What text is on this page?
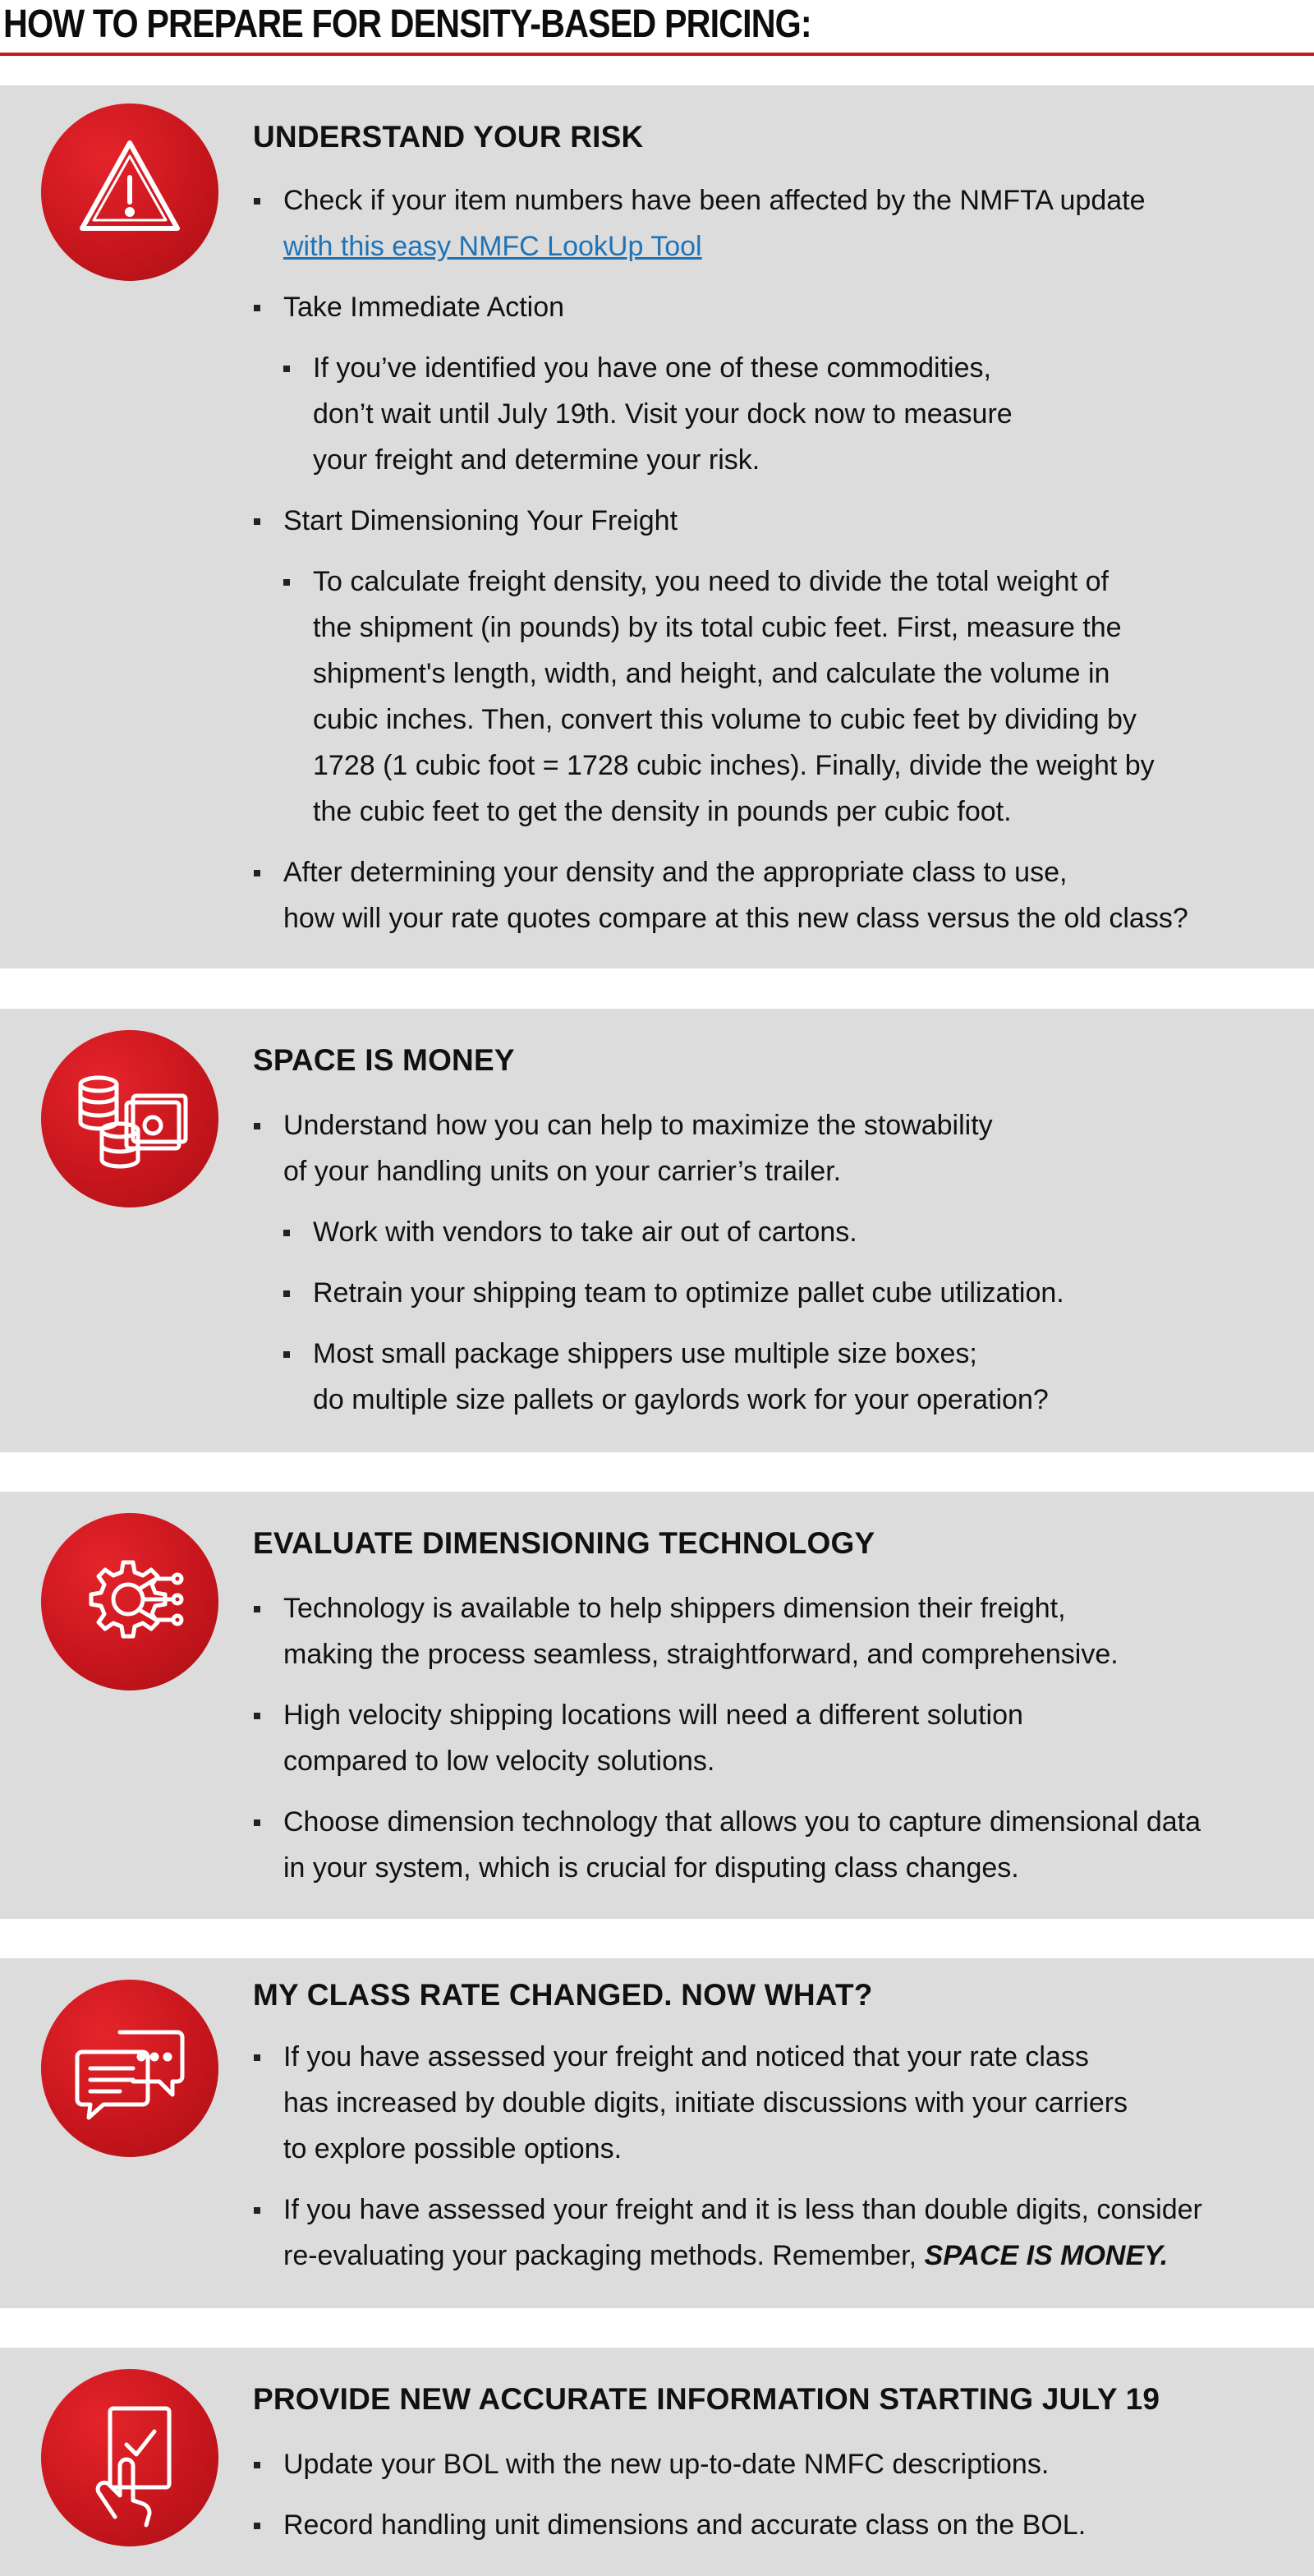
HOW TO PREPARE FOR DENSITY-BASED PRICING:
UNDERSTAND YOUR RISK
Check if your item numbers have been affected by the NMFTA update
with this easy NMFC LookUp Tool
Take Immediate Action
If you’ve identified you have one of these commodities,
don’t wait until July 19th. Visit your dock now to measure
your freight and determine your risk.
Start Dimensioning Your Freight
To calculate freight density, you need to divide the total weight of
the shipment (in pounds) by its total cubic feet. First, measure the
shipment's length, width, and height, and calculate the volume in
cubic inches. Then, convert this volume to cubic feet by dividing by
1728 (1 cubic foot = 1728 cubic inches). Finally, divide the weight by
the cubic feet to get the density in pounds per cubic foot.
After determining your density and the appropriate class to use,
how will your rate quotes compare at this new class versus the old class?
SPACE IS MONEY
Understand how you can help to maximize the stowability
of your handling units on your carrier’s trailer.
Work with vendors to take air out of cartons.
Retrain your shipping team to optimize pallet cube utilization.
Most small package shippers use multiple size boxes;
do multiple size pallets or gaylords work for your operation?
EVALUATE DIMENSIONING TECHNOLOGY
Technology is available to help shippers dimension their freight,
making the process seamless, straightforward, and comprehensive.
High velocity shipping locations will need a different solution
compared to low velocity solutions.
Choose dimension technology that allows you to capture dimensional data
in your system, which is crucial for disputing class changes.
MY CLASS RATE CHANGED. NOW WHAT?
If you have assessed your freight and noticed that your rate class
has increased by double digits, initiate discussions with your carriers
to explore possible options.
If you have assessed your freight and it is less than double digits, consider
re-evaluating your packaging methods. Remember, SPACE IS MONEY.
PROVIDE NEW ACCURATE INFORMATION STARTING JULY 19
Update your BOL with the new up-to-date NMFC descriptions.
Record handling unit dimensions and accurate class on the BOL.
